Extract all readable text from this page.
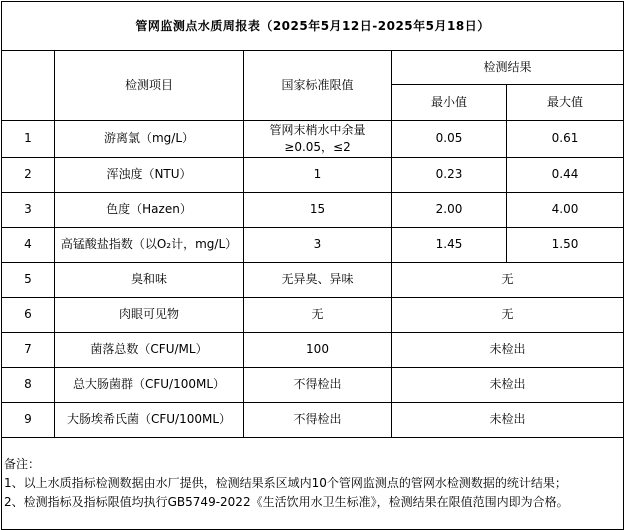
管网监测点水质周报表（2025年5月12日-2025年5月18日）				
	检测项目	国家标准限值	检测结果	
			最小值	最大值
1	游离氯（mg/L）	管网末梢水中余量≥0.05，≤2	0.05	0.61
2	浑浊度（NTU）	1	0.23	0.44
3	色度（Hazen）	15	2.00	4.00
4	高锰酸盐指数（以O₂计，mg/L）	3	1.45	1.50
5	臭和味	无异臭、异味	无	
6	肉眼可见物	无	无	
7	菌落总数（CFU/ML）	100	未检出	
8	总大肠菌群（CFU/100ML）	不得检出	未检出	
9	大肠埃希氏菌（CFU/100ML）	不得检出	未检出	

备注：
1、以上水质指标检测数据由水厂提供，检测结果系区域内10个管网监测点的管网水检测数据的统计结果；
2、检测指标及指标限值均执行GB5749-2022《生活饮用水卫生标准》，检测结果在限值范围内即为合格。				
